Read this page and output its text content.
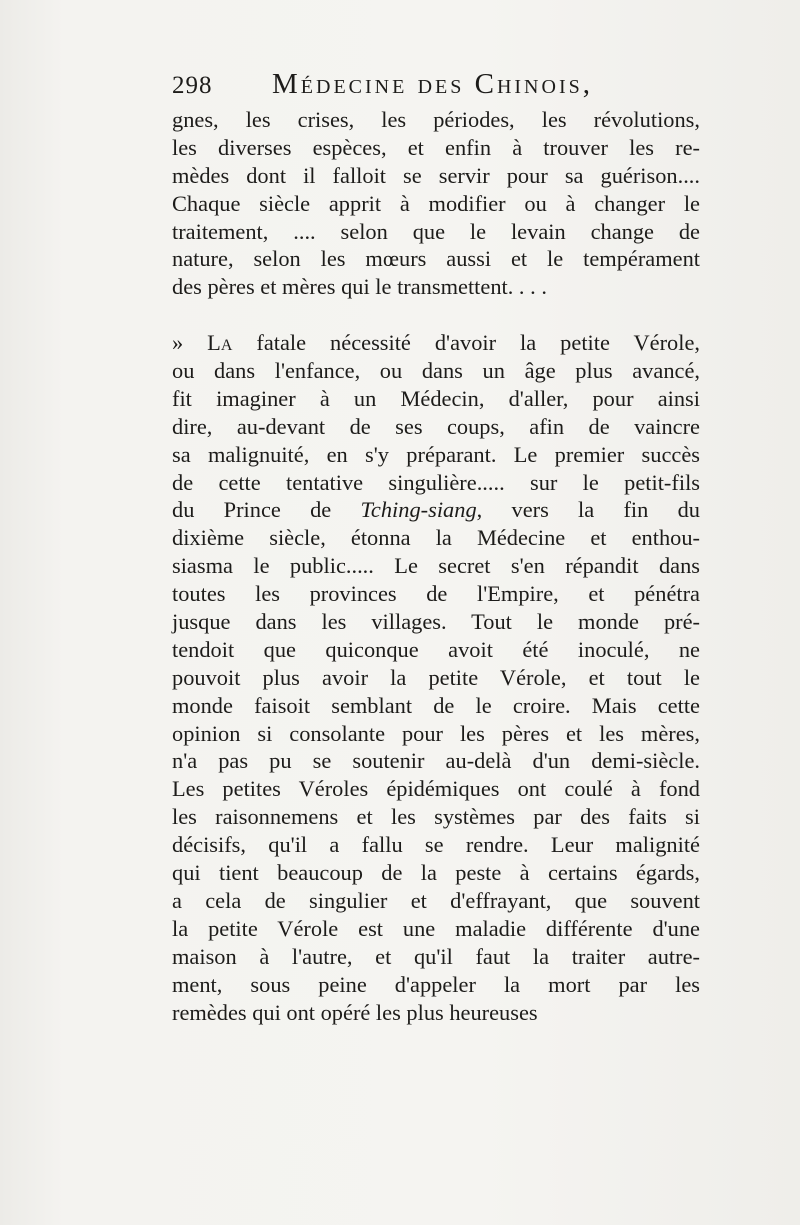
298 Médecine des Chinois,
gnes, les crises, les périodes, les révolutions,
les diverses espèces, et enfin à trouver les re-
mèdes dont il falloit se servir pour sa guérison....
Chaque siècle apprit à modifier ou à changer le
traitement, .... selon que le levain change de
nature, selon les mœurs aussi et le tempérament
des pères et mères qui le transmettent. . . .
» La fatale nécessité d'avoir la petite Vérole,
ou dans l'enfance, ou dans un âge plus avancé,
fit imaginer à un Médecin, d'aller, pour ainsi
dire, au-devant de ses coups, afin de vaincre
sa malignuité, en s'y préparant. Le premier succès
de cette tentative singulière..... sur le petit-fils
du Prince de Tching-siang, vers la fin du
dixième siècle, étonna la Médecine et enthou-
siasma le public..... Le secret s'en répandit dans
toutes les provinces de l'Empire, et pénétra
jusque dans les villages. Tout le monde pré-
tendoit que quiconque avoit été inoculé, ne
pouvoit plus avoir la petite Vérole, et tout le
monde faisoit semblant de le croire. Mais cette
opinion si consolante pour les pères et les mères,
n'a pas pu se soutenir au-delà d'un demi-siècle.
Les petites Véroles épidémiques ont coulé à fond
les raisonnemens et les systèmes par des faits si
décisifs, qu'il a fallu se rendre. Leur malignité
qui tient beaucoup de la peste à certains égards,
a cela de singulier et d'effrayant, que souvent
la petite Vérole est une maladie différente d'une
maison à l'autre, et qu'il faut la traiter autre-
ment, sous peine d'appeler la mort par les
remèdes qui ont opéré les plus heureuses
